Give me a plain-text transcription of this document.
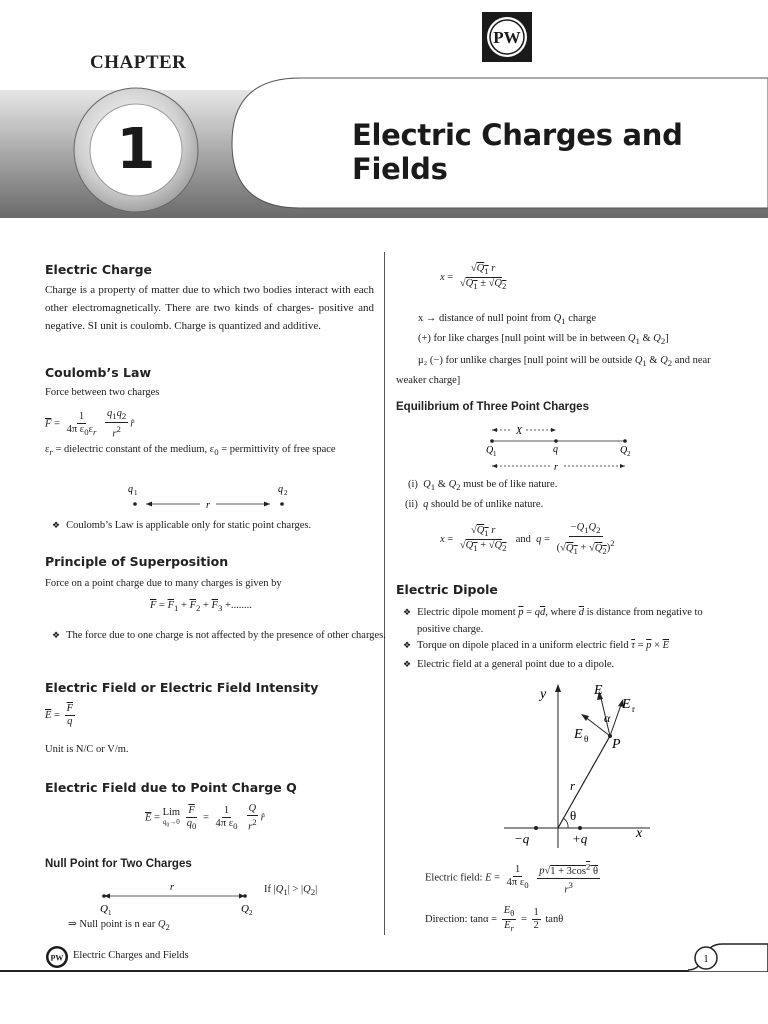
CHAPTER
1	Electric Charges and Fields
PW
Electric Charge
Charge is a property of matter due to which two bodies interact with each other electromagnetically. There are two kinds of charges- positive and negative. SI unit is coulomb. Charge is quantized and additive.
Coulomb’s Law
Force between two charges
$\overline{F} = \frac{1}{4\pi \varepsilon_0\varepsilon_r}$
$\frac{q_1q_2}{r^2}$ r̂
$\varepsilon_r$ = dielectric constant of the medium, $\varepsilon_0$ = permittivity of free space
q 1
r
q 2
❖ Coulomb’s Law is applicable only for static point charges.
Principle of Superposition
Force on a point charge due to many charges is given by
$\overline{F} = \overline{F}_1 + \overline{F}_2 + \overline{F}_3$ +........
❖ The force due to one charge is not affected by the presence of other charges.
Electric Field or Electric Field Intensity
$\overline{E} = \frac{\overline{F}}{q}$
Unit is N/C or V/m.
Electric Field due to Point Charge Q
$\overline{E}$ =
Lim
$q_0\to 0$
$\frac{\overline{F}}{q_0} = \frac{1}{4\pi \varepsilon_0}$
$\frac{Q}{r^2}$ r̂
Null Point for Two Charges
r
Q 1	Q 2
If $|Q_1| > |Q_2|$
⇒ Null point is n ear $Q_2$
$x = \frac{√Q_1 r}{√Q_1 \pm √Q_2}$
x → distance of null point from $Q_1$ charge
(+) for like charges [null point will be in between $Q_1$ & $Q_2$]
μ₂ (−) for unlike charges [null point will be outside $Q_1$ & $Q_2$ and near weaker charge]
Equilibrium of Three Point Charges
X
Q 1	q	Q 2
r
(i) $Q_1$ & $Q_2$ must be of like nature.
(ii) q should be of unlike nature.
$x = \frac{√Q_1 r}{√Q_1 + √Q_2}$ and $q = \frac{-Q_1Q_2}{(√Q_1 + √Q_2)^2}$
Electric Dipole
❖ Electric dipole moment $\overline{p} = q\overline{d}$, where $\overline{d}$ is distance from negative to positive charge.
❖ Torque on dipole placed in a uniform electric field $\overline{\tau} = \overline{p} \times \overline{E}$
❖ Electric field at a general point due to a dipole.
y
x
E
E r
α
E θ P
r
θ
−q	+q
Electric field: $E = \frac{1}{4\pi \varepsilon_0}$
$\frac{p√1 + 3\cos^2 \theta}{r^3}$
Direction: $\tan\alpha = \frac{E_\theta}{E_r} = \frac{1}{2}$ tanθ
PW Electric Charges and Fields	1
